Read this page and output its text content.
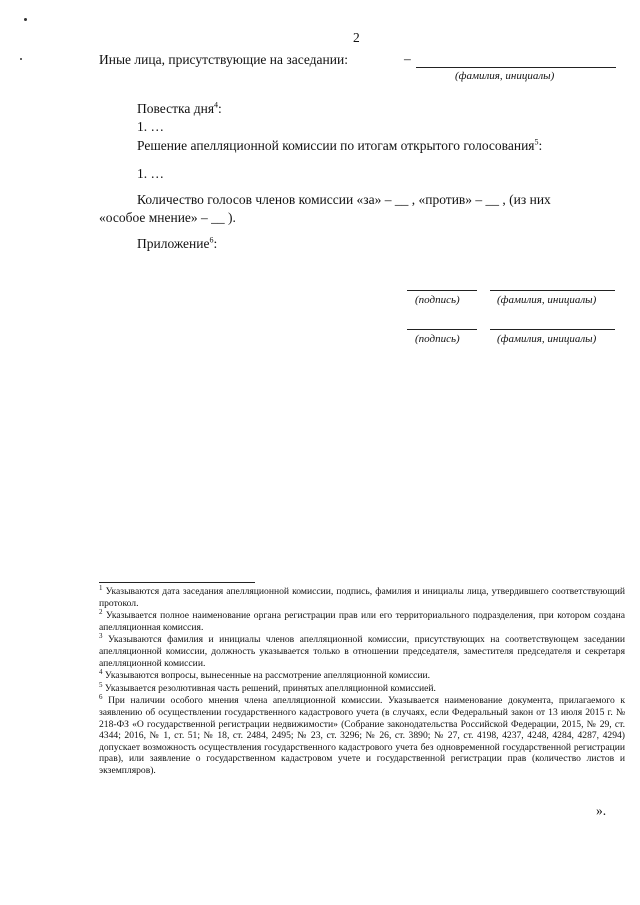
2
Иные лица, присутствующие на заседании:	–
(фамилия, инициалы)
Повестка дня$^4$:
1. …
Решение апелляционной комиссии по итогам открытого голосования$^5$:
1. …
Количество голосов членов комиссии «за» – __ , «против» – __ , (из них
«особое мнение» – __ ).
Приложение$^6$:
(подпись)	(фамилия, инициалы)
(подпись)	(фамилия, инициалы)
$^1$ Указываются дата заседания апелляционной комиссии, подпись, фамилия и инициалы лица, утвердившего соответствующий протокол.
$^2$ Указывается полное наименование органа регистрации прав или его территориального подразделения, при котором создана апелляционная комиссия.
$^3$ Указываются фамилия и инициалы членов апелляционной комиссии, присутствующих на соответствующем заседании апелляционной комиссии, должность указывается только в отношении председателя, заместителя председателя и секретаря апелляционной комиссии.
$^4$ Указываются вопросы, вынесенные на рассмотрение апелляционной комиссии.
$^5$ Указывается резолютивная часть решений, принятых апелляционной комиссией.
$^6$ При наличии особого мнения члена апелляционной комиссии. Указывается наименование документа, прилагаемого к заявлению об осуществлении государственного кадастрового учета (в случаях, если Федеральный закон от 13 июля 2015 г. № 218-ФЗ «О государственной регистрации недвижимости» (Собрание законодательства Российской Федерации, 2015, № 29, ст. 4344; 2016, № 1, ст. 51; № 18, ст. 2484, 2495; № 23, ст. 3296; № 26, ст. 3890; № 27, ст. 4198, 4237, 4248, 4284, 4287, 4294) допускает возможность осуществления государственного кадастрового учета без одновременной государственной регистрации прав), или заявление о государственном кадастровом учете и государственной регистрации прав (количество листов и экземпляров).
».
